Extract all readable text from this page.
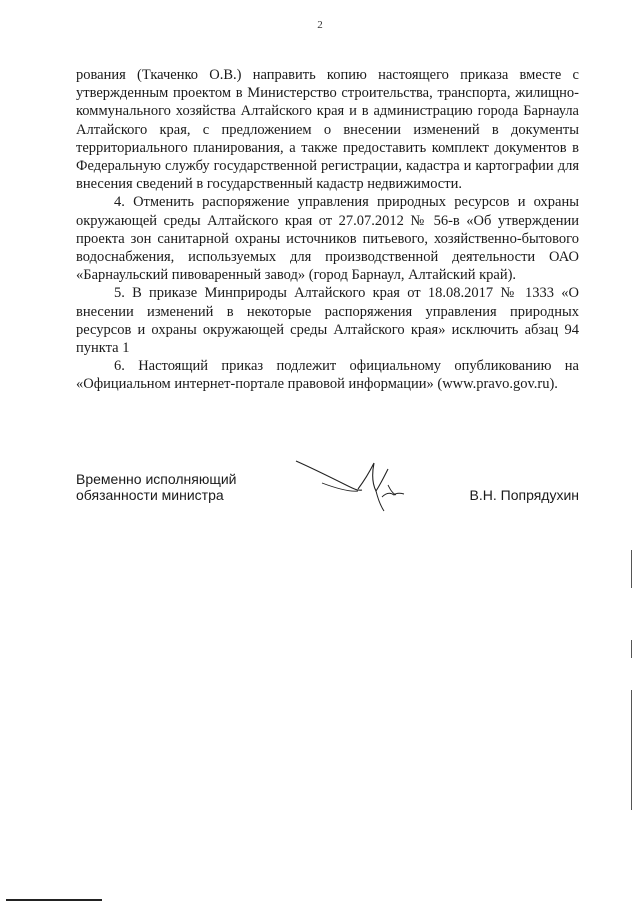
2

рования (Ткаченко О.В.) направить копию настоящего приказа вместе с утвержденным проектом в Министерство строительства, транспорта, жилищно-коммунального хозяйства Алтайского края и в администрацию города Барнаула Алтайского края, с предложением о внесении изменений в документы территориального планирования, а также предоставить комплект документов в Федеральную службу государственной регистрации, кадастра и картографии для внесения сведений в государственный кадастр недвижимости.

4. Отменить распоряжение управления природных ресурсов и охраны окружающей среды Алтайского края от 27.07.2012 № 56-в «Об утверждении проекта зон санитарной охраны источников питьевого, хозяйственно-бытового водоснабжения, используемых для производственной деятельности ОАО «Барнаульский пивоваренный завод» (город Барнаул, Алтайский край).

5. В приказе Минприроды Алтайского края от 18.08.2017 № 1333 «О внесении изменений в некоторые распоряжения управления природных ресурсов и охраны окружающей среды Алтайского края» исключить абзац 94 пункта 1

6. Настоящий приказ подлежит официальному опубликованию на «Официальном интернет-портале правовой информации» (www.pravo.gov.ru).

Временно исполняющий
обязанности министра	В.Н. Попрядухин
